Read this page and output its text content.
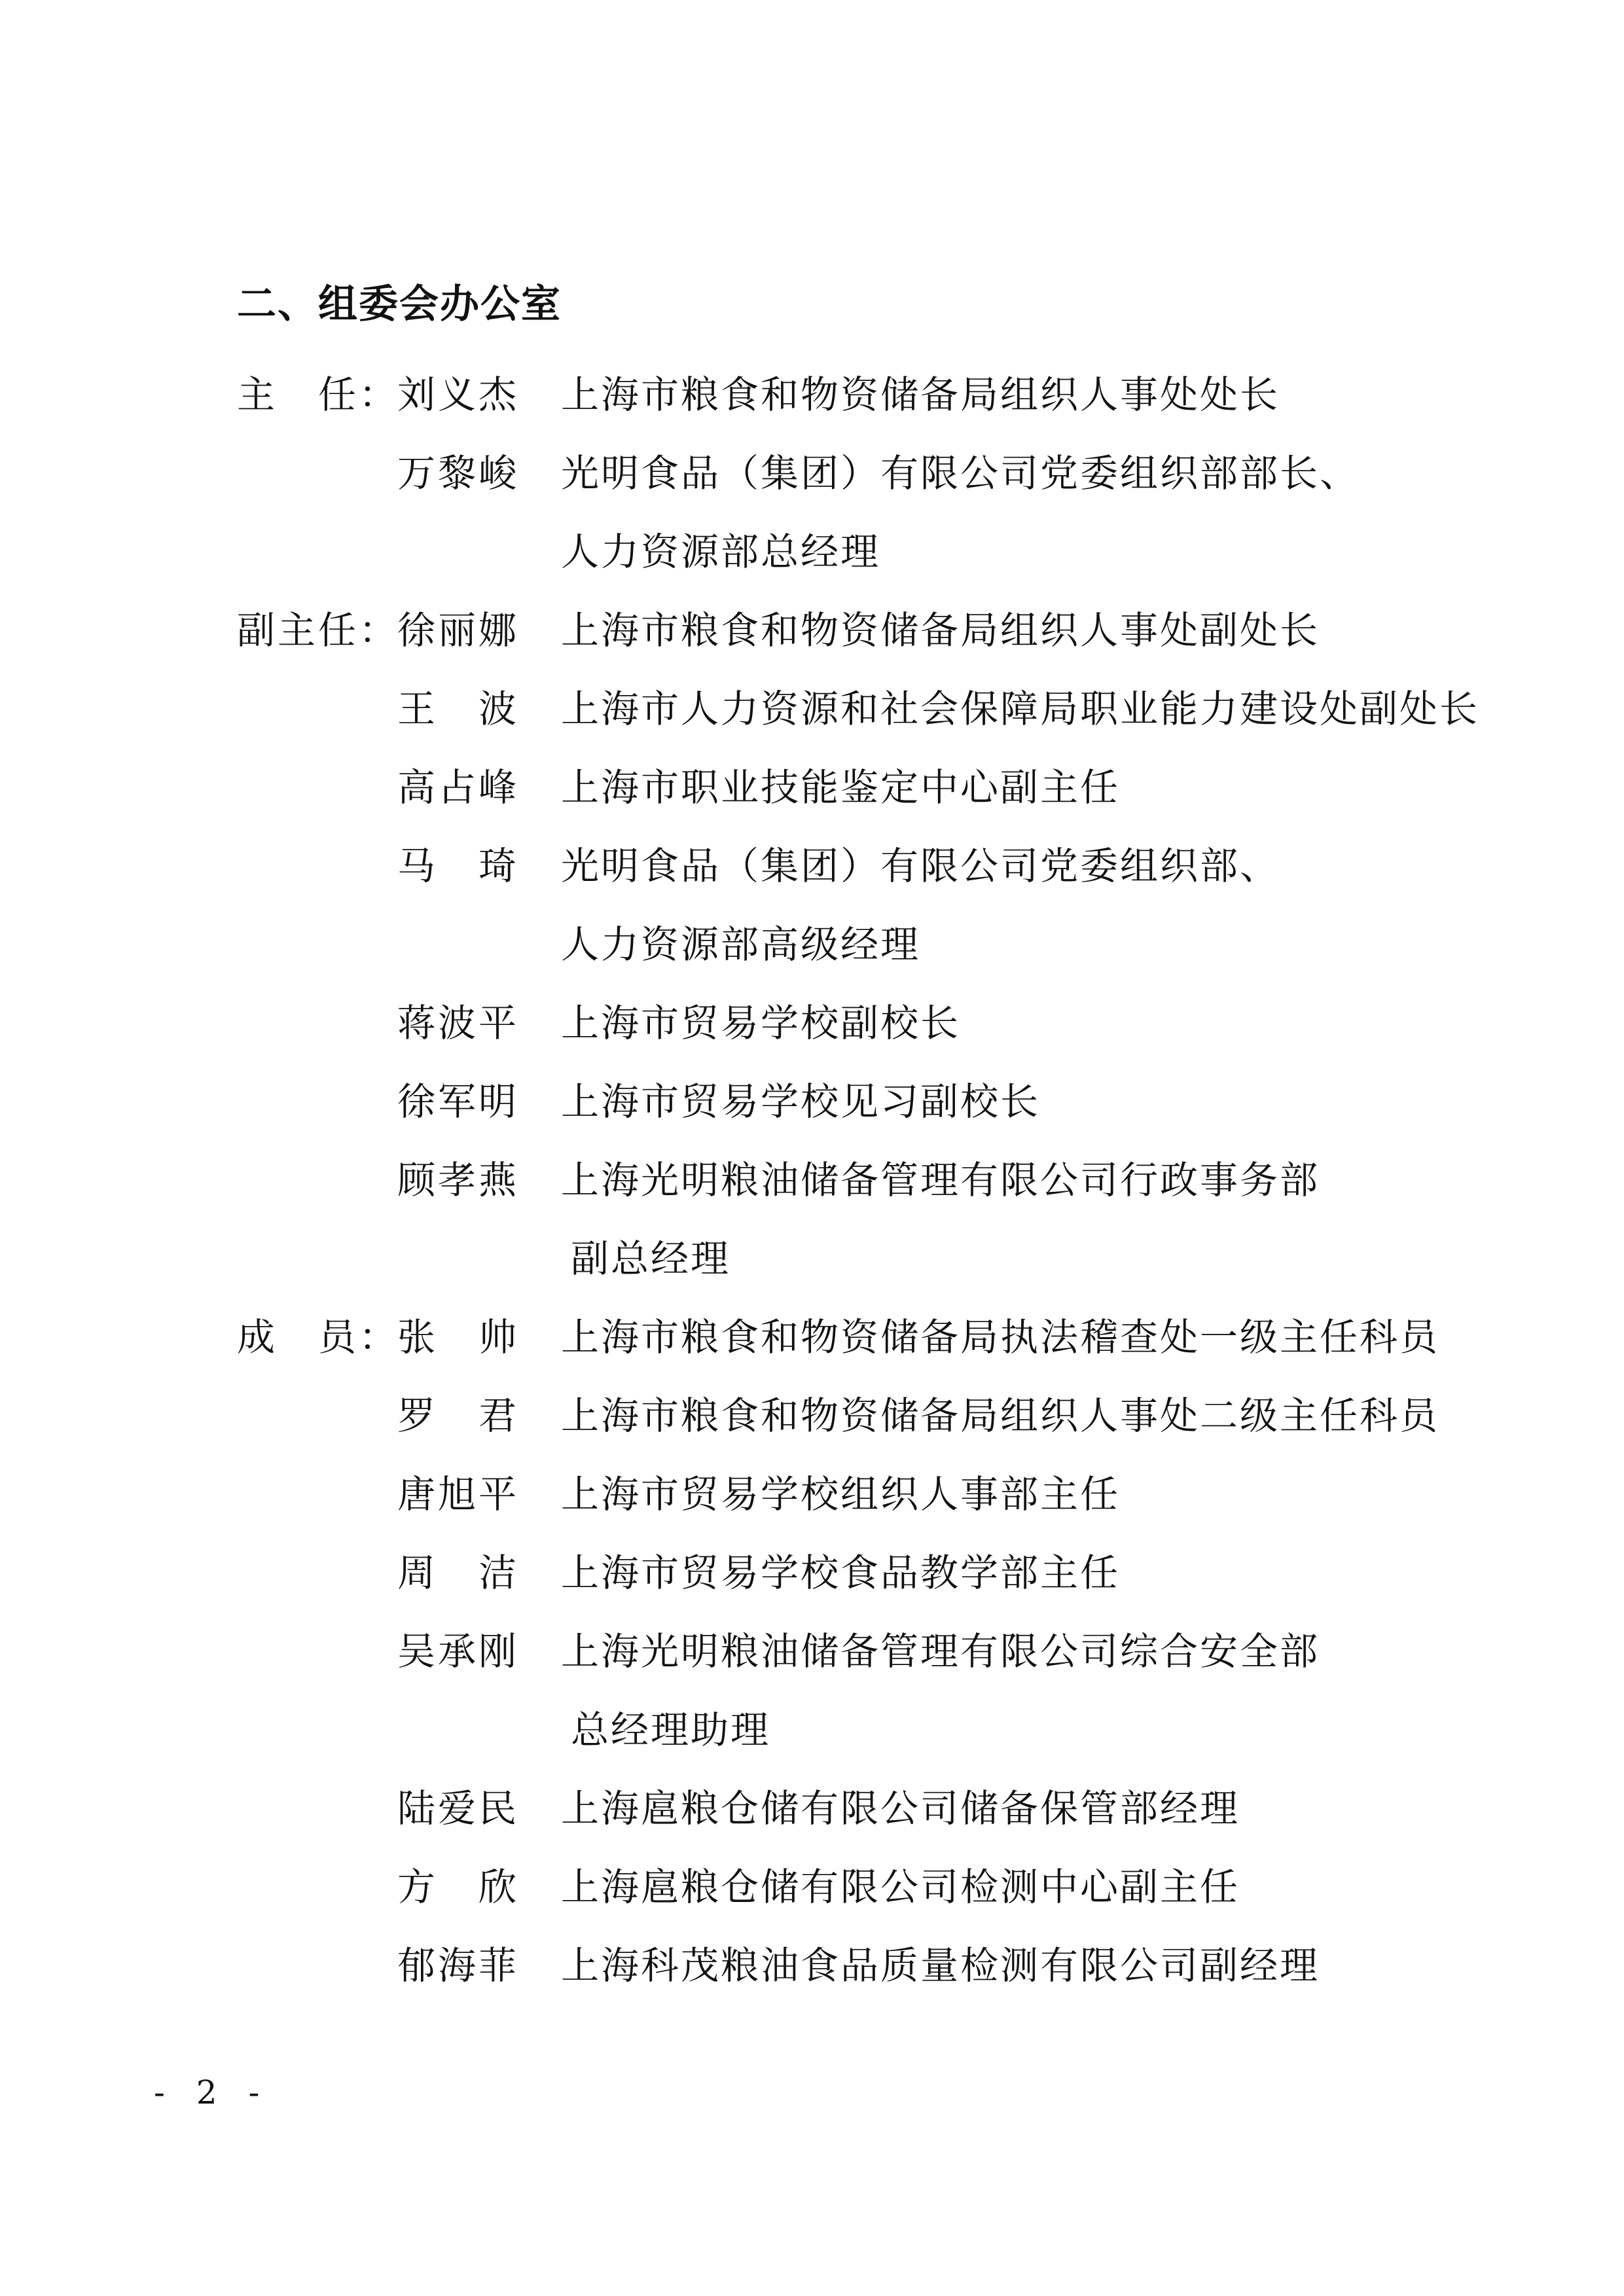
二、组委会办公室
主　任：
刘义杰 上海市粮食和物资储备局组织人事处处长
万黎峻 光明食品（集团）有限公司党委组织部部长、
人力资源部总经理
副主任：
徐丽娜 上海市粮食和物资储备局组织人事处副处长
王　波 上海市人力资源和社会保障局职业能力建设处副处长
高占峰 上海市职业技能鉴定中心副主任
马　琦 光明食品（集团）有限公司党委组织部、
人力资源部高级经理
蒋波平 上海市贸易学校副校长
徐军明 上海市贸易学校见习副校长
顾孝燕 上海光明粮油储备管理有限公司行政事务部
副总经理
成　员：
张　帅 上海市粮食和物资储备局执法稽查处一级主任科员
罗　君 上海市粮食和物资储备局组织人事处二级主任科员
唐旭平 上海市贸易学校组织人事部主任
周　洁 上海市贸易学校食品教学部主任
吴承刚 上海光明粮油储备管理有限公司综合安全部
总经理助理
陆爱民 上海扈粮仓储有限公司储备保管部经理
方　欣 上海扈粮仓储有限公司检测中心副主任
郁海菲 上海科茂粮油食品质量检测有限公司副经理
- 2 -
